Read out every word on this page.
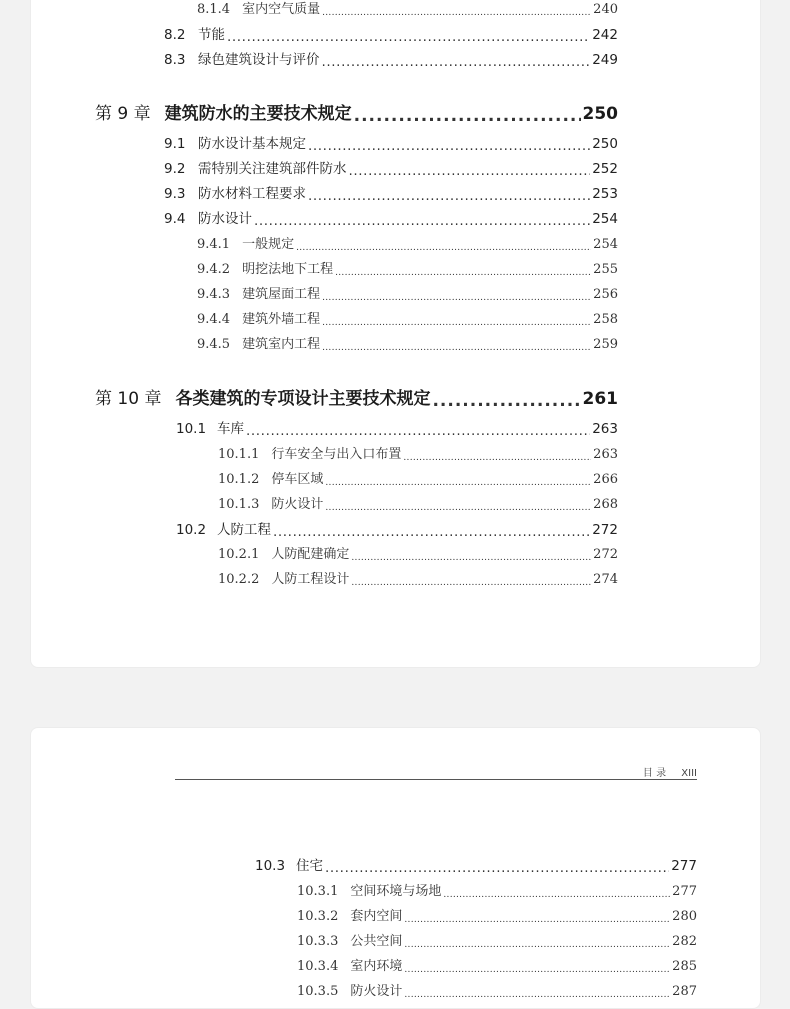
8.1.4 室内空气质量 .....	240
8.2 节能 .....	242
8.3 绿色建筑设计与评价 .....	249
第 9 章 建筑防水的主要技术规定 .....	250
9.1 防水设计基本规定 .....	250
9.2 需特别关注建筑部件防水 .....	252
9.3 防水材料工程要求 .....	253
9.4 防水设计 .....	254
9.4.1 一般规定 .....	254
9.4.2 明挖法地下工程 .....	255
9.4.3 建筑屋面工程 .....	256
9.4.4 建筑外墙工程 .....	258
9.4.5 建筑室内工程 .....	259
第 10 章 各类建筑的专项设计主要技术规定 .....	261
10.1 车库 .....	263
10.1.1 行车安全与出入口布置 .....	263
10.1.2 停车区域 .....	266
10.1.3 防火设计 .....	268
10.2 人防工程 .....	272
10.2.1 人防配建确定 .....	272
10.2.2 人防工程设计 .....	274
目 录 XIII
10.3 住宅 .....	277
10.3.1 空间环境与场地 .....	277
10.3.2 套内空间 .....	280
10.3.3 公共空间 .....	282
10.3.4 室内环境 .....	285
10.3.5 防火设计 .....	287
